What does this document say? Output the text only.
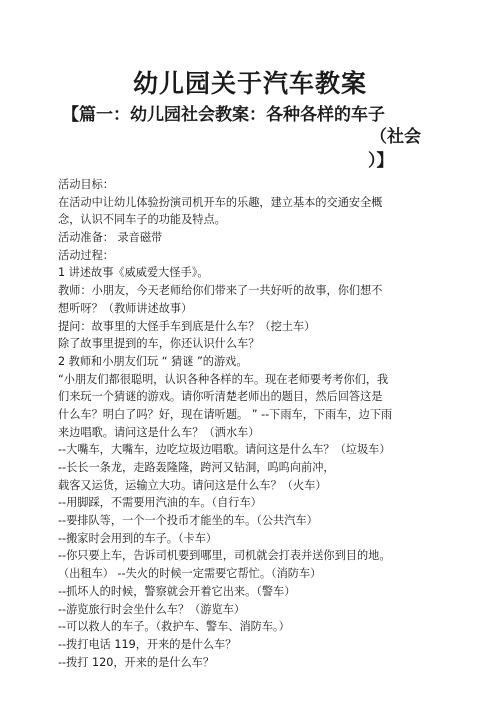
幼儿园关于汽车教案
【篇一：幼儿园社会教案：各种各样的车子
（社会
）】
活动目标：
在活动中让幼儿体验扮演司机开车的乐趣，建立基本的交通安全概
念，认识不同车子的功能及特点。
活动准备： 录音磁带
活动过程：
1 讲述故事《威威爱大怪手》。
教师：小朋友，今天老师给你们带来了一共好听的故事，你们想不
想听呀？（教师讲述故事）
提问：故事里的大怪手车到底是什么车？（挖土车）
除了故事里提到的车，你还认识什么车？
2 教师和小朋友们玩 “ 猜谜 ”的游戏。
“小朋友们都很聪明，认识各种各样的车。现在老师要考考你们，我
们来玩一个猜谜的游戏。请你听清楚老师出的题目，然后回答这是
什么车？明白了吗？好，现在请听题。 ” --下雨车，下雨车，边下雨
来边唱歌。请问这是什么车？（洒水车）
--大嘴车，大嘴车，边吃垃圾边唱歌。请问这是什么车？（垃圾车）
--长长一条龙，走路轰隆隆，跨河又钻洞，呜呜向前冲，
载客又运货，运输立大功。请问这是什么车？（火车）
--用脚踩，不需要用汽油的车。（自行车）
--要排队等，一个一个投币才能坐的车。（公共汽车）
--搬家时会用到的车子。（卡车）
--你只要上车，告诉司机要到哪里，司机就会打表并送你到目的地。
（出租车） --失火的时候一定需要它帮忙。（消防车）
--抓坏人的时候，警察就会开着它出来。（警车）
--游览旅行时会坐什么车？（游览车）
--可以救人的车子。（救护车、警车、消防车。）
--拨打电话 119，开来的是什么车？
--拨打 120，开来的是什么车？
